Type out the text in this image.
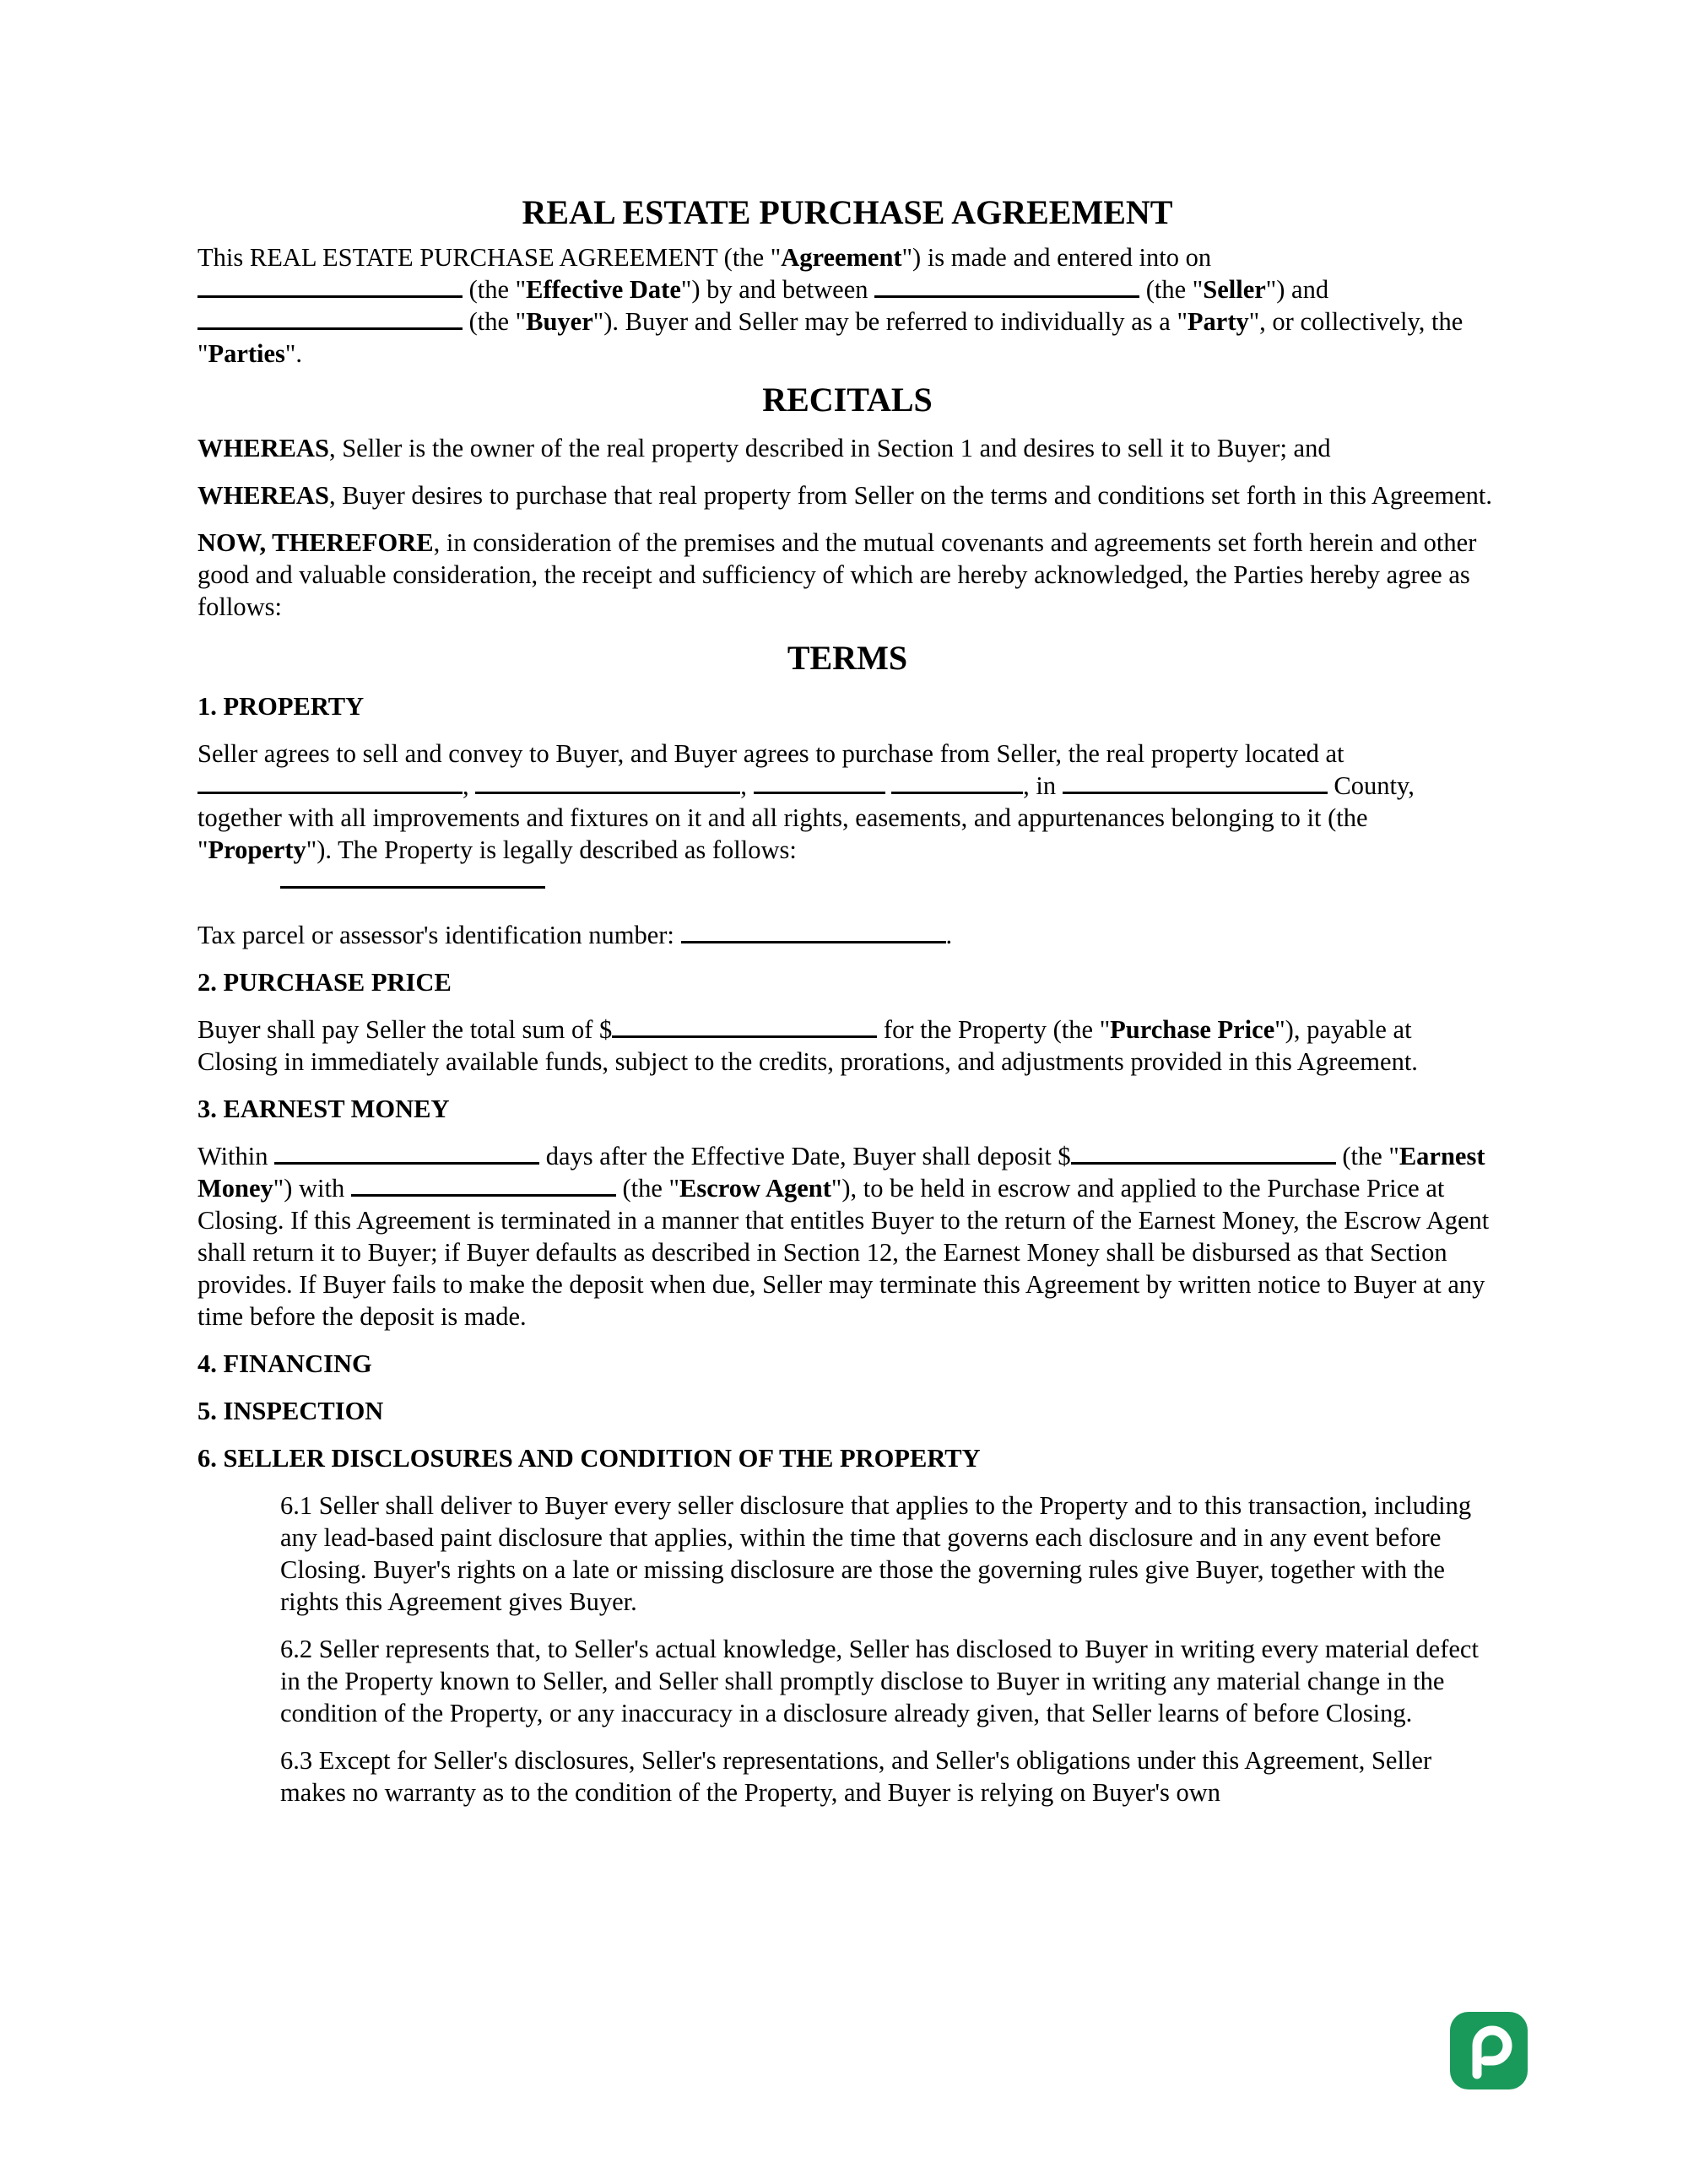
REAL ESTATE PURCHASE AGREEMENT

This REAL ESTATE PURCHASE AGREEMENT (the "Agreement") is made and entered into on
(the "Effective Date") by and between	(the "Seller") and
(the "Buyer"). Buyer and Seller may be referred to individually as a "Party", or collectively, the "Parties".

RECITALS

WHEREAS, Seller is the owner of the real property described in Section 1 and desires to sell it to Buyer; and

WHEREAS, Buyer desires to purchase that real property from Seller on the terms and conditions set forth in this Agreement.

NOW, THEREFORE, in consideration of the premises and the mutual covenants and agreements set forth herein and other good and valuable consideration, the receipt and sufficiency of which are hereby acknowledged, the Parties hereby agree as follows:

TERMS
1. PROPERTY

Seller agrees to sell and convey to Buyer, and Buyer agrees to purchase from Seller, the real property located at
,	,	, in	County, together with all improvements and fixtures on it and all rights, easements, and appurtenances belonging to it (the "Property"). The Property is legally described as follows:

Tax parcel or assessor's identification number:	.

2. PURCHASE PRICE

Buyer shall pay Seller the total sum of $	for the Property (the "Purchase Price"), payable at Closing in immediately available funds, subject to the credits, prorations, and adjustments provided in this Agreement.

3. EARNEST MONEY

Within	days after the Effective Date, Buyer shall deposit $	(the "Earnest Money") with	(the "Escrow Agent"), to be held in escrow and applied to the Purchase Price at Closing. If this Agreement is terminated in a manner that entitles Buyer to the return of the Earnest Money, the Escrow Agent shall return it to Buyer; if Buyer defaults as described in Section 12, the Earnest Money shall be disbursed as that Section provides. If Buyer fails to make the deposit when due, Seller may terminate this Agreement by written notice to Buyer at any time before the deposit is made.

4. FINANCING
5. INSPECTION
6. SELLER DISCLOSURES AND CONDITION OF THE PROPERTY

6.1 Seller shall deliver to Buyer every seller disclosure that applies to the Property and to this transaction, including any lead-based paint disclosure that applies, within the time that governs each disclosure and in any event before Closing. Buyer's rights on a late or missing disclosure are those the governing rules give Buyer, together with the rights this Agreement gives Buyer.

6.2 Seller represents that, to Seller's actual knowledge, Seller has disclosed to Buyer in writing every material defect in the Property known to Seller, and Seller shall promptly disclose to Buyer in writing any material change in the condition of the Property, or any inaccuracy in a disclosure already given, that Seller learns of before Closing.

6.3 Except for Seller's disclosures, Seller's representations, and Seller's obligations under this Agreement, Seller makes no warranty as to the condition of the Property, and Buyer is relying on Buyer's own
